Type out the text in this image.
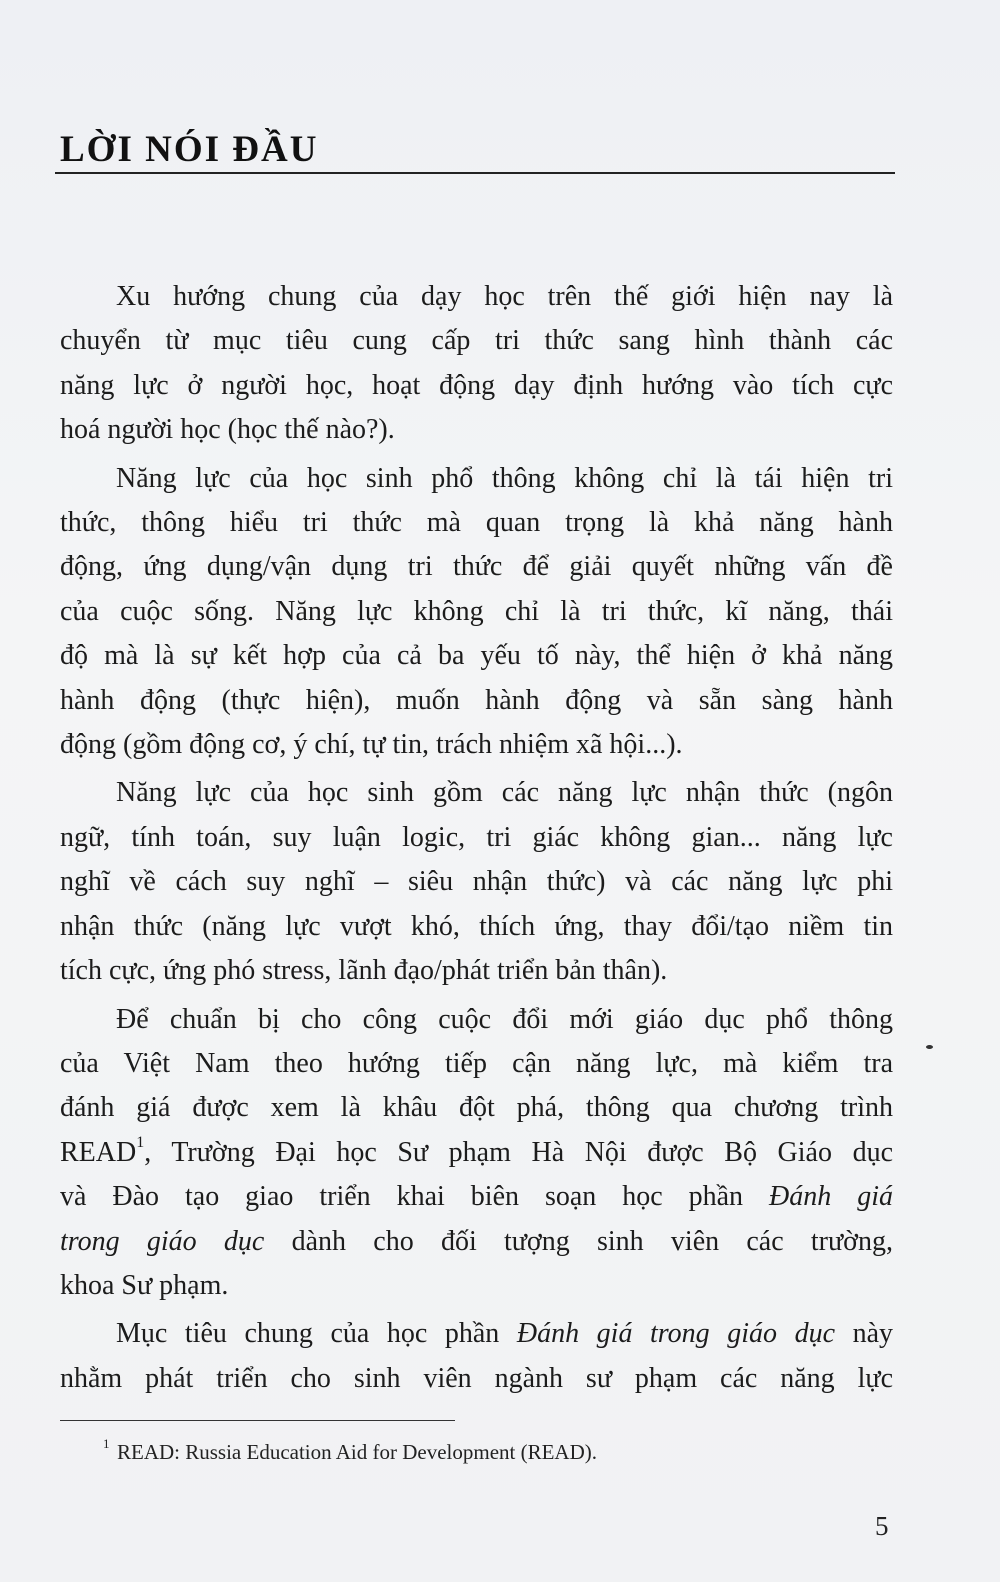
LỜI NÓI ĐẦU
Xu hướng chung của dạy học trên thế giới hiện nay là
chuyển từ mục tiêu cung cấp tri thức sang hình thành các
năng lực ở người học, hoạt động dạy định hướng vào tích cực
hoá người học (học thế nào?).
Năng lực của học sinh phổ thông không chỉ là tái hiện tri
thức, thông hiểu tri thức mà quan trọng là khả năng hành
động, ứng dụng/vận dụng tri thức để giải quyết những vấn đề
của cuộc sống. Năng lực không chỉ là tri thức, kĩ năng, thái
độ mà là sự kết hợp của cả ba yếu tố này, thể hiện ở khả năng
hành động (thực hiện), muốn hành động và sẵn sàng hành
động (gồm động cơ, ý chí, tự tin, trách nhiệm xã hội...).
Năng lực của học sinh gồm các năng lực nhận thức (ngôn
ngữ, tính toán, suy luận logic, tri giác không gian... năng lực
nghĩ về cách suy nghĩ – siêu nhận thức) và các năng lực phi
nhận thức (năng lực vượt khó, thích ứng, thay đổi/tạo niềm tin
tích cực, ứng phó stress, lãnh đạo/phát triển bản thân).
Để chuẩn bị cho công cuộc đổi mới giáo dục phổ thông
của Việt Nam theo hướng tiếp cận năng lực, mà kiểm tra
đánh giá được xem là khâu đột phá, thông qua chương trình
READ$^1$, Trường Đại học Sư phạm Hà Nội được Bộ Giáo dục
và Đào tạo giao triển khai biên soạn học phần Đánh giá
trong giáo dục dành cho đối tượng sinh viên các trường,
khoa Sư phạm.
Mục tiêu chung của học phần Đánh giá trong giáo dục này
nhằm phát triển cho sinh viên ngành sư phạm các năng lực
1 READ: Russia Education Aid for Development (READ).
5
